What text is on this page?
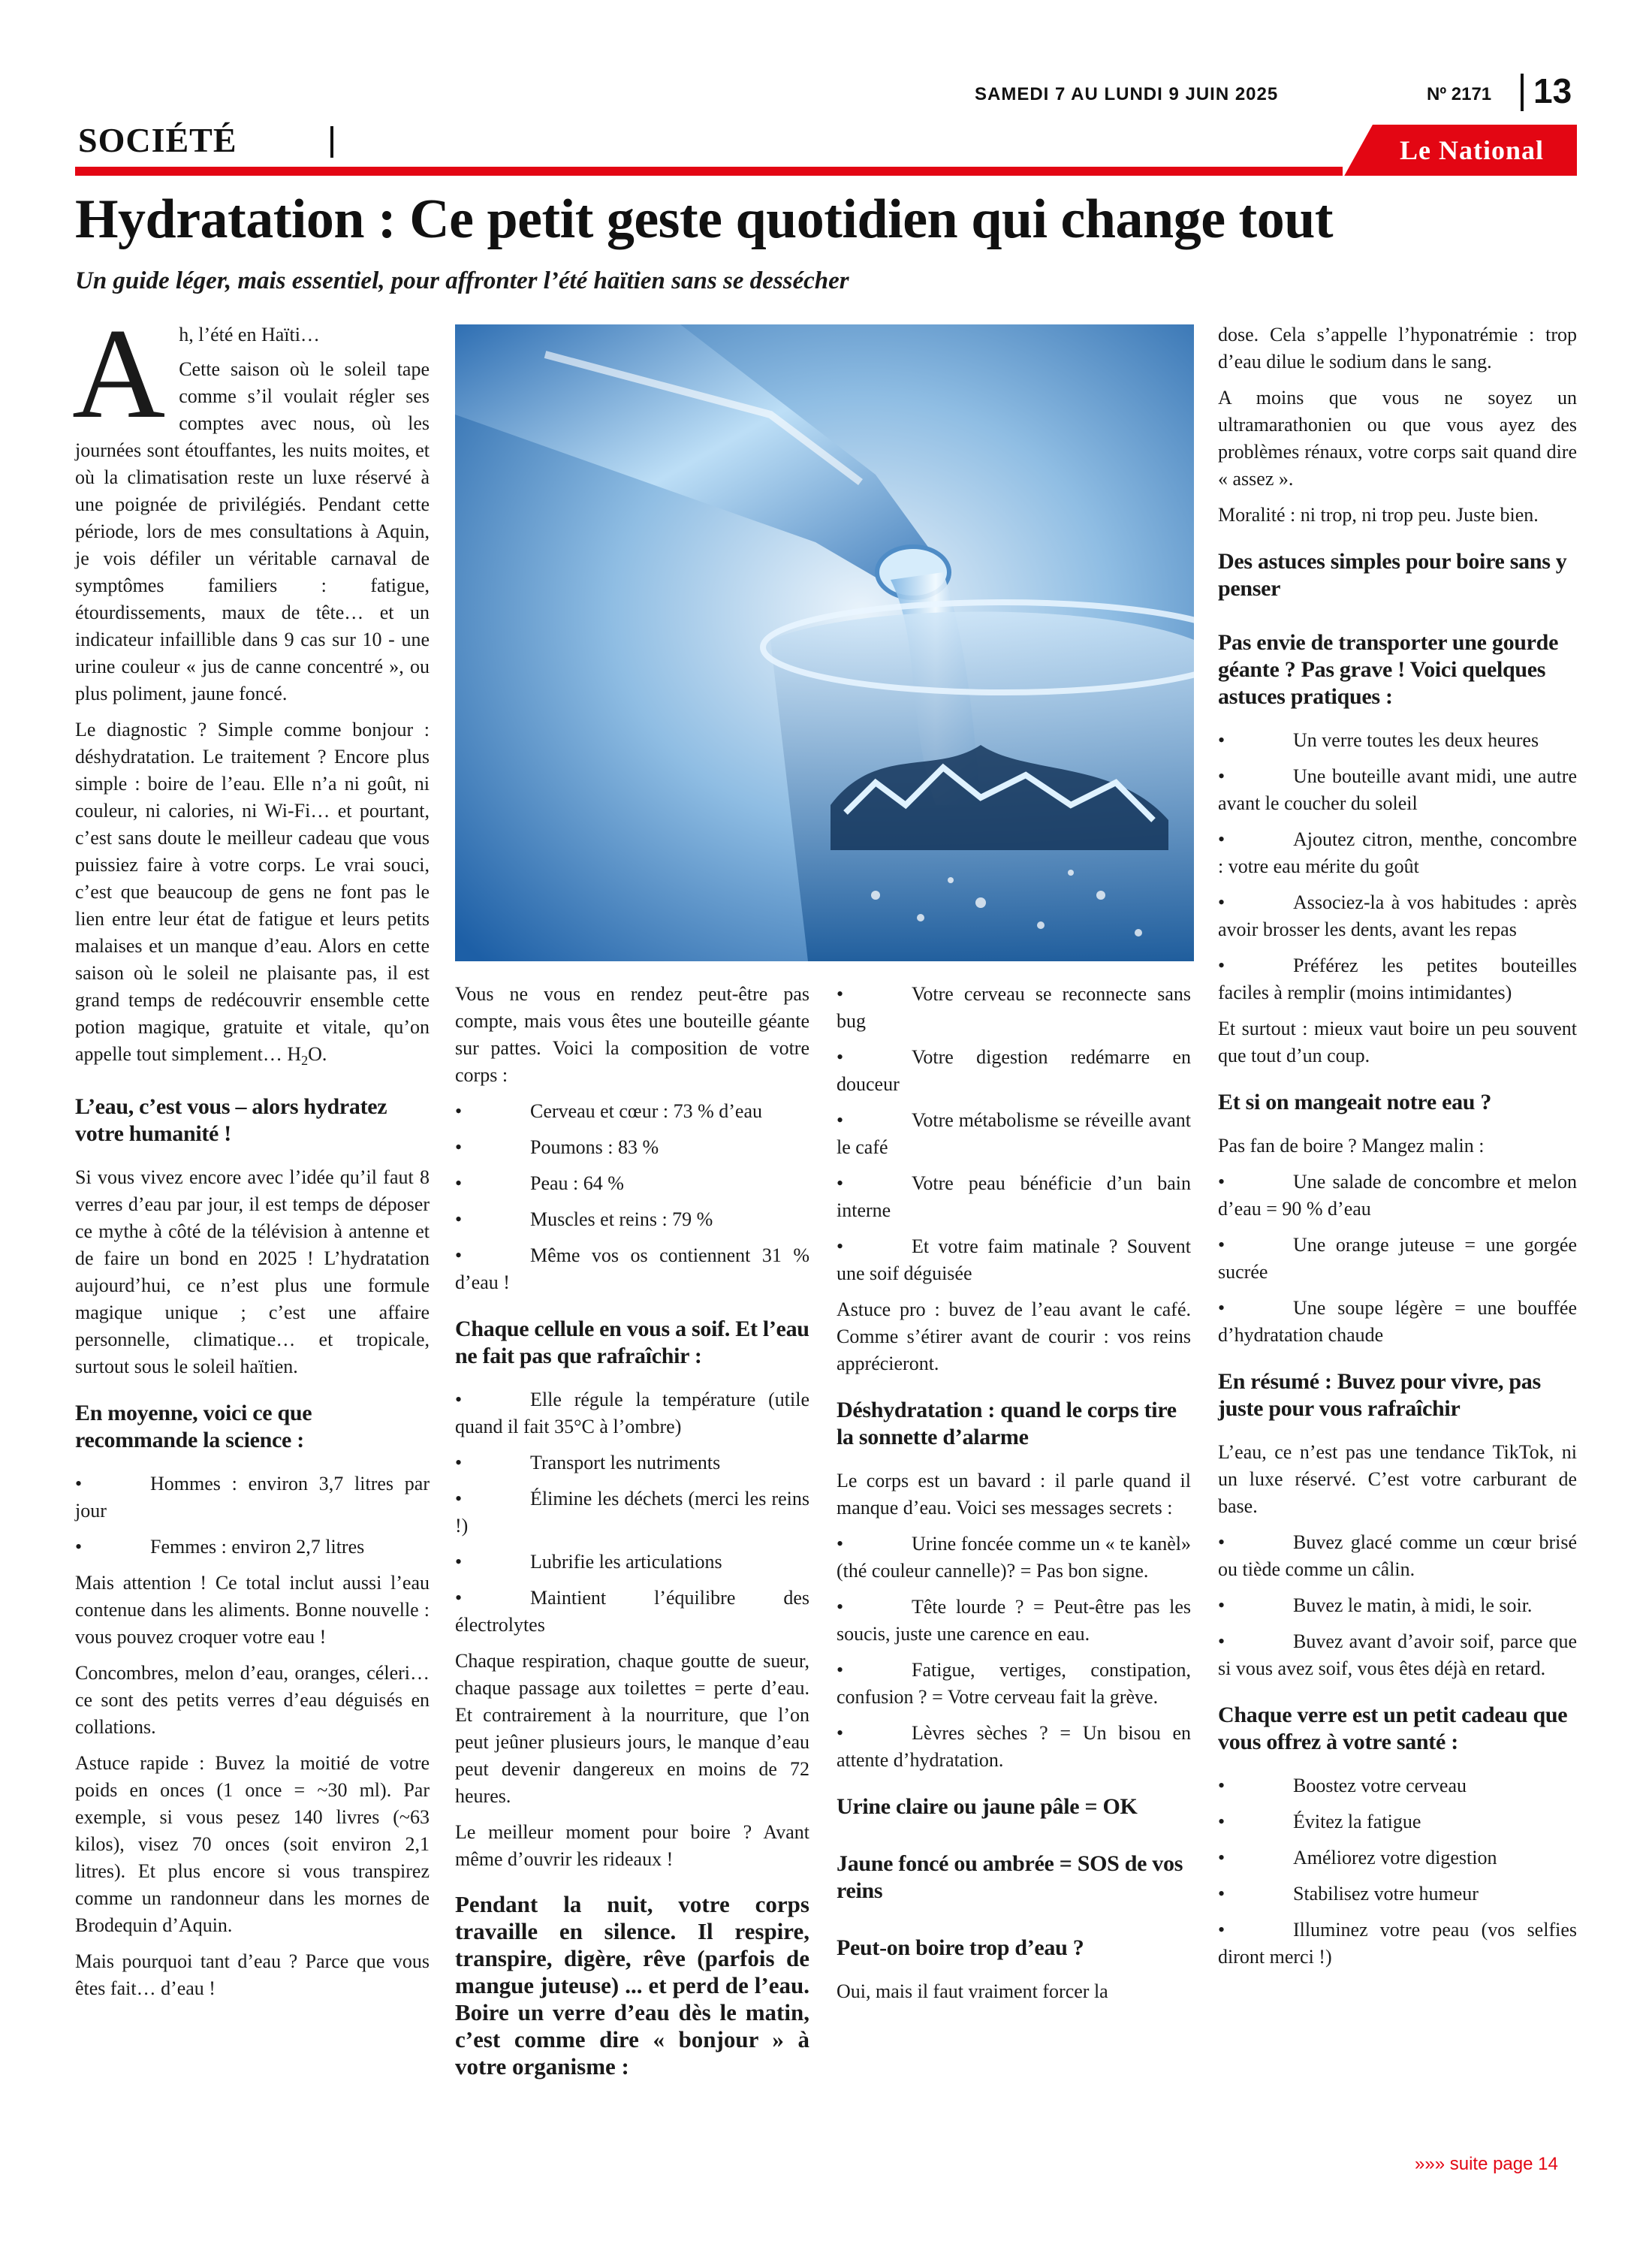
SAMEDI 7 AU LUNDI 9 JUIN 2025	Nº 2171 13
SOCIÉTÉ	Le National
Hydratation : Ce petit geste quotidien qui change tout
Un guide léger, mais essentiel, pour affronter l’été haïtien sans se dessécher

A h, l’été en Haïti…

Cette saison où le soleil tape comme s’il voulait régler ses comptes avec nous, où les journées sont étouffantes, les nuits moites, et où la climatisation reste un luxe réservé à une poignée de privilégiés. Pendant cette période, lors de mes consultations à Aquin, je vois défiler un véritable carnaval de symptômes familiers : fatigue, étourdissements, maux de tête… et un indicateur infaillible dans 9 cas sur 10 - une urine couleur « jus de canne concentré », ou plus poliment, jaune foncé.

Le diagnostic ? Simple comme bonjour : déshydratation. Le traitement ? Encore plus simple : boire de l’eau. Elle n’a ni goût, ni couleur, ni calories, ni Wi-Fi… et pourtant, c’est sans doute le meilleur cadeau que vous puissiez faire à votre corps. Le vrai souci, c’est que beaucoup de gens ne font pas le lien entre leur état de fatigue et leurs petits malaises et un manque d’eau. Alors en cette saison où le soleil ne plaisante pas, il est grand temps de redécouvrir ensemble cette potion magique, gratuite et vitale, qu’on appelle tout simplement… $H_2O$.

L’eau, c’est vous – alors hydratez votre humanité !

Si vous vivez encore avec l’idée qu’il faut 8 verres d’eau par jour, il est temps de déposer ce mythe à côté de la télévision à antenne et de faire un bond en 2025 ! L’hydratation aujourd’hui, ce n’est plus une formule magique unique ; c’est une affaire personnelle, climatique… et tropicale, surtout sous le soleil haïtien.

En moyenne, voici ce que recommande la science :
•	Hommes : environ 3,7 litres par jour
•	Femmes : environ 2,7 litres

Mais attention ! Ce total inclut aussi l’eau contenue dans les aliments. Bonne nouvelle : vous pouvez croquer votre eau !

Concombres, melon d’eau, oranges, céleri… ce sont des petits verres d’eau déguisés en collations.

Astuce rapide : Buvez la moitié de votre poids en onces (1 once = ~30 ml). Par exemple, si vous pesez 140 livres (~63 kilos), visez 70 onces (soit environ 2,1 litres). Et plus encore si vous transpirez comme un randonneur dans les mornes de Brodequin d’Aquin.

Mais pourquoi tant d’eau ? Parce que vous êtes fait… d’eau !

Vous ne vous en rendez peut-être pas compte, mais vous êtes une bouteille géante sur pattes. Voici la composition de votre corps :

•	Cerveau et cœur : 73 % d’eau
•	Poumons : 83 %
•	Peau : 64 %
•	Muscles et reins : 79 %
•	Même vos os contiennent 31 % d’eau !
Chaque cellule en vous a soif. Et l’eau ne fait pas que rafraîchir :
•	Elle régule la température (utile quand il fait 35°C à l’ombre)
•	Transport les nutriments
•	Élimine les déchets (merci les reins !)
•	Lubrifie les articulations
•	Maintient l’équilibre des électrolytes

Chaque respiration, chaque goutte de sueur, chaque passage aux toilettes = perte d’eau. Et contrairement à la nourriture, que l’on peut jeûner plusieurs jours, le manque d’eau peut devenir dangereux en moins de 72 heures.

Le meilleur moment pour boire ? Avant même d’ouvrir les rideaux !

Pendant la nuit, votre corps travaille en silence. Il respire, transpire, digère, rêve (parfois de mangue juteuse) ... et perd de l’eau. Boire un verre d’eau dès le matin, c’est comme dire « bonjour » à votre organisme :

•	Votre cerveau se reconnecte sans bug
•	Votre digestion redémarre en douceur
•	Votre métabolisme se réveille avant le café
•	Votre peau bénéficie d’un bain interne
•	Et votre faim matinale ? Souvent une soif déguisée

Astuce pro : buvez de l’eau avant le café. Comme s’étirer avant de courir : vos reins apprécieront.

Déshydratation : quand le corps tire la sonnette d’alarme

Le corps est un bavard : il parle quand il manque d’eau. Voici ses messages secrets :

•	Urine foncée comme un « te kanèl» (thé couleur cannelle)? = Pas bon signe.
•	Tête lourde ? = Peut-être pas les soucis, juste une carence en eau.
•	Fatigue, vertiges, constipation, confusion ? = Votre cerveau fait la grève.
•	Lèvres sèches ? = Un bisou en attente d’hydratation.
Urine claire ou jaune pâle = OK
Jaune foncé ou ambrée = SOS de vos reins
Peut-on boire trop d’eau ?

Oui, mais il faut vraiment forcer la

dose. Cela s’appelle l’hyponatrémie : trop d’eau dilue le sodium dans le sang.

A moins que vous ne soyez un ultramarathonien ou que vous ayez des problèmes rénaux, votre corps sait quand dire « assez ».

Moralité : ni trop, ni trop peu. Juste bien.

Des astuces simples pour boire sans y penser
Pas envie de transporter une gourde géante ? Pas grave ! Voici quelques astuces pratiques :
•	Un verre toutes les deux heures
•	Une bouteille avant midi, une autre avant le coucher du soleil
•	Ajoutez citron, menthe, concombre : votre eau mérite du goût
•	Associez-la à vos habitudes : après avoir brosser les dents, avant les repas
•	Préférez les petites bouteilles faciles à remplir (moins intimidantes)

Et surtout : mieux vaut boire un peu souvent que tout d’un coup.

Et si on mangeait notre eau ?

Pas fan de boire ? Mangez malin :

•	Une salade de concombre et melon d’eau = 90 % d’eau
•	Une orange juteuse = une gorgée sucrée
•	Une soupe légère = une bouffée d’hydratation chaude
En résumé : Buvez pour vivre, pas juste pour vous rafraîchir

L’eau, ce n’est pas une tendance TikTok, ni un luxe réservé. C’est votre carburant de base.

•	Buvez glacé comme un cœur brisé ou tiède comme un câlin.
•	Buvez le matin, à midi, le soir.
•	Buvez avant d’avoir soif, parce que si vous avez soif, vous êtes déjà en retard.
Chaque verre est un petit cadeau que vous offrez à votre santé :
•	Boostez votre cerveau
•	Évitez la fatigue
•	Améliorez votre digestion
•	Stabilisez votre humeur
•	Illuminez votre peau (vos selfies diront merci !)
»»» suite page 14
